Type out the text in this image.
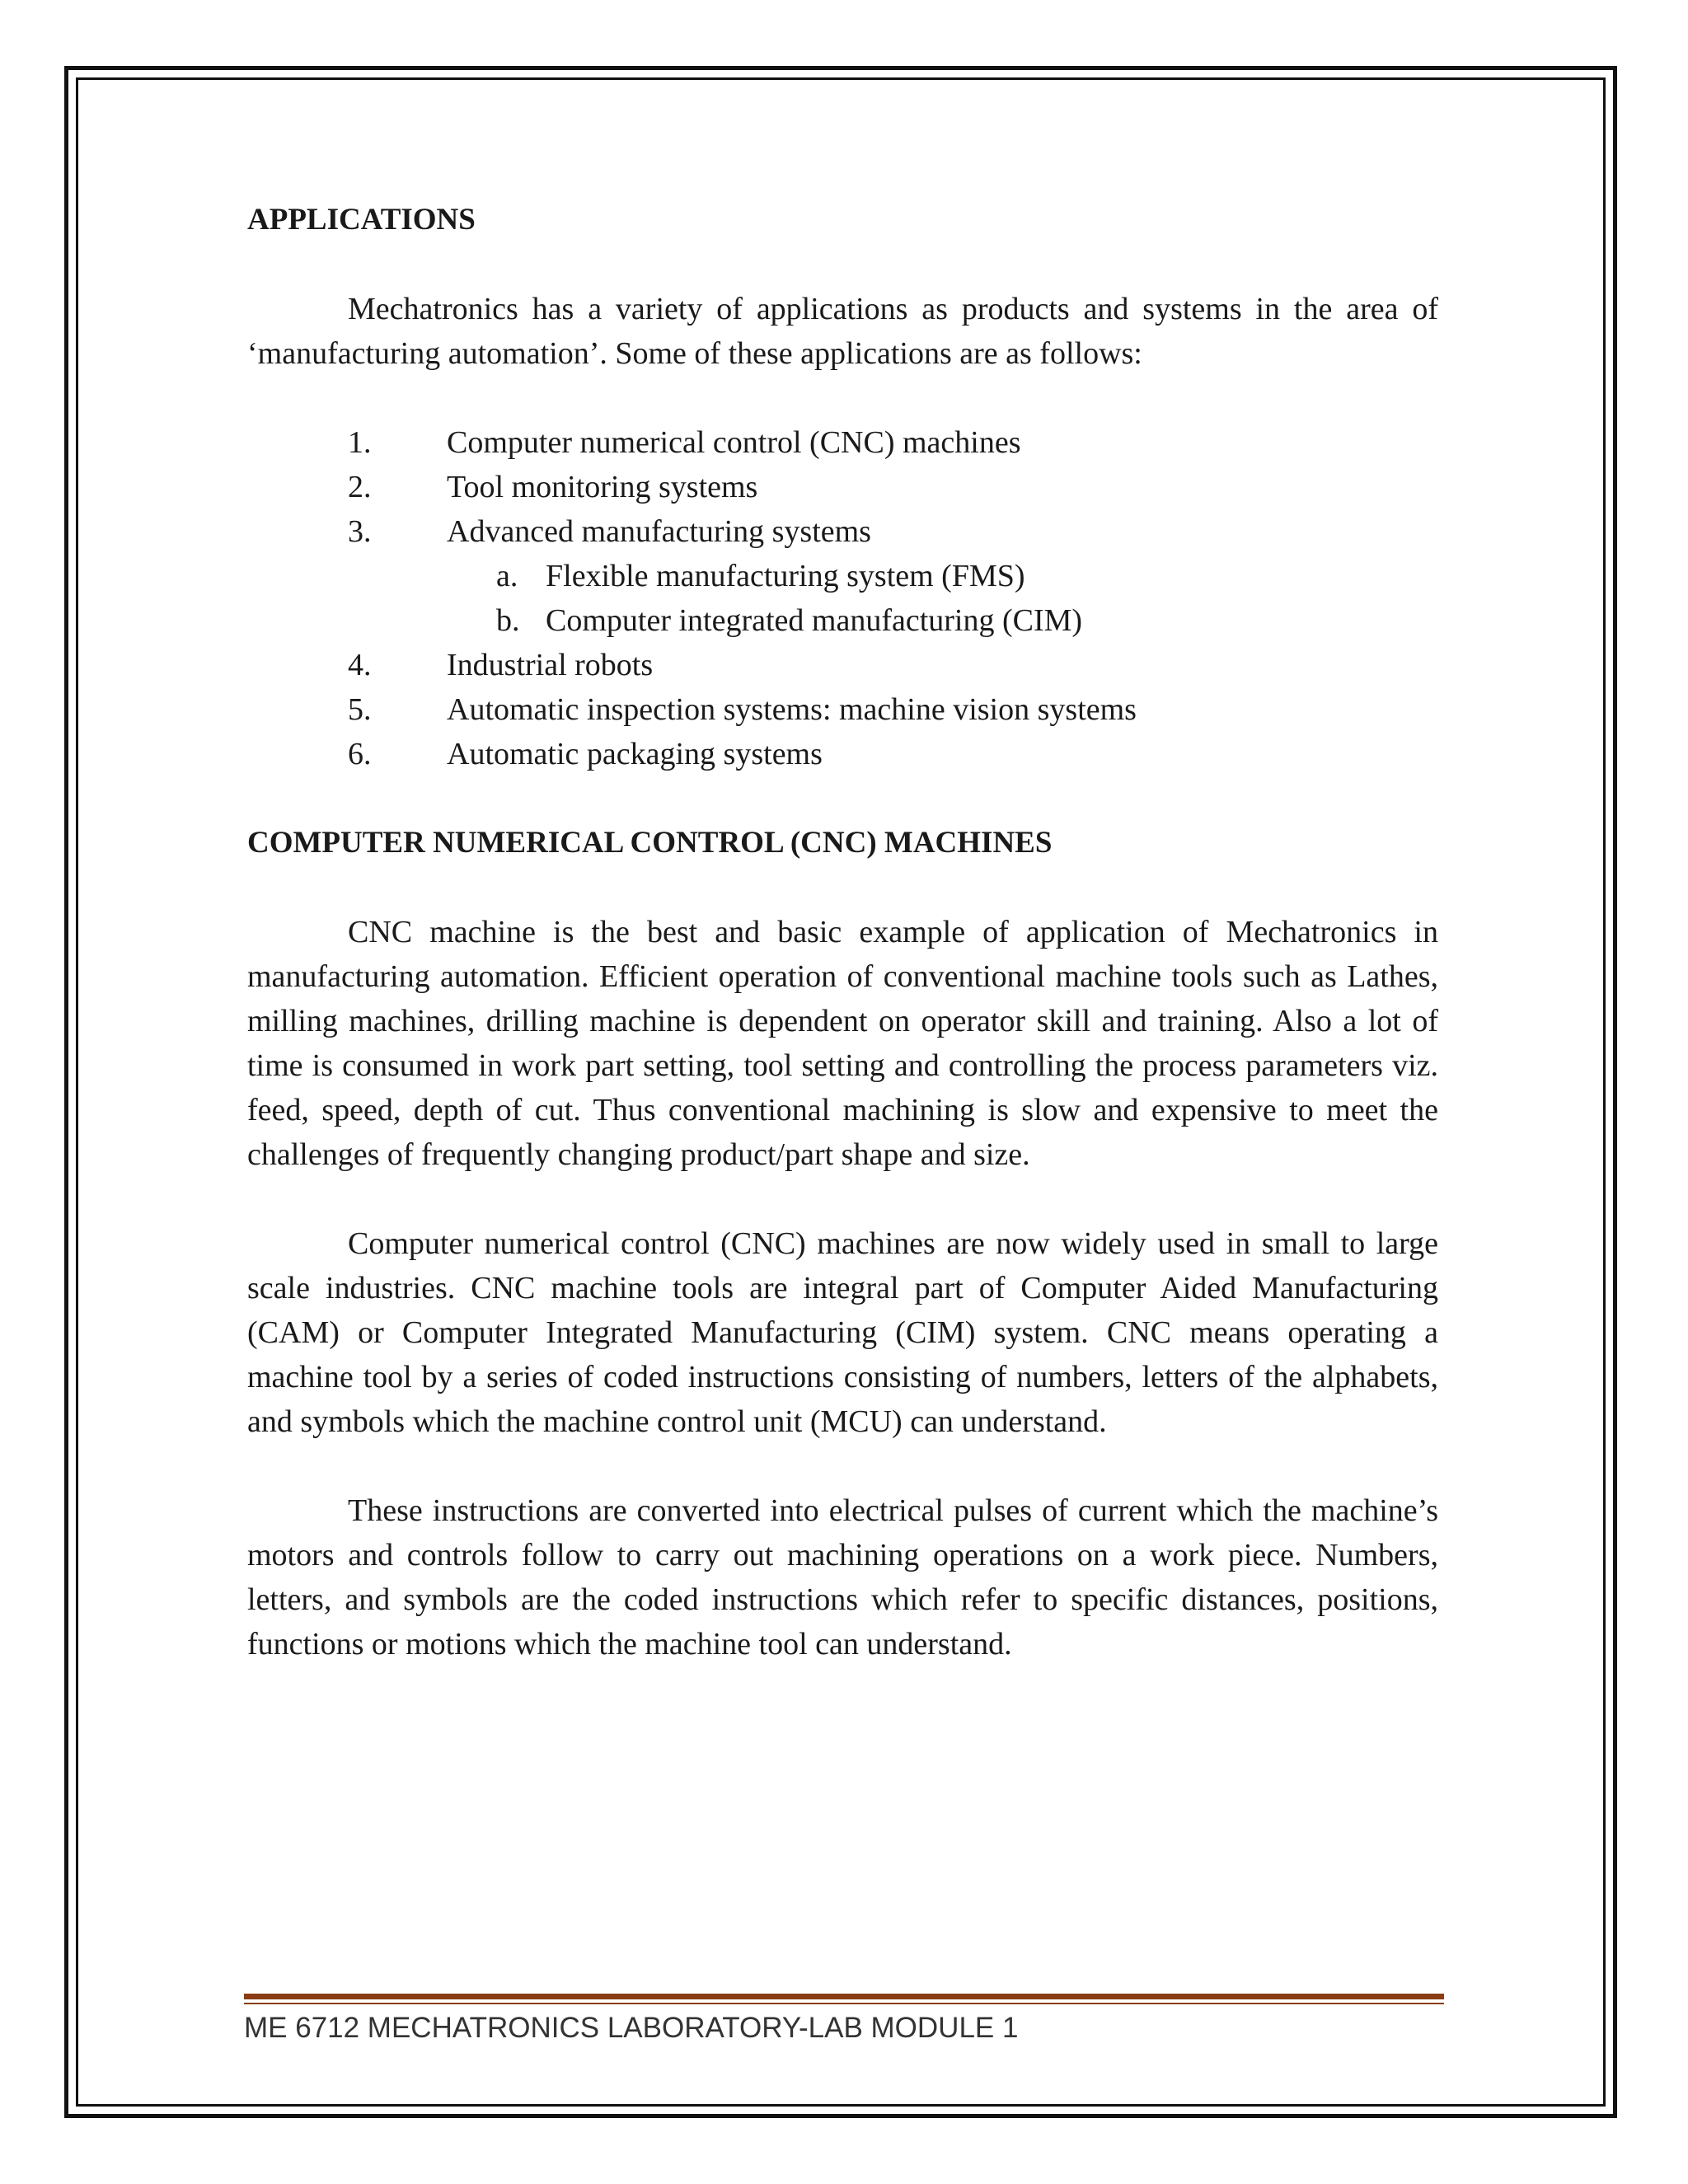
APPLICATIONS

Mechatronics has a variety of applications as products and systems in the area of ‘manufacturing automation’. Some of these applications are as follows:

1. Computer numerical control (CNC) machines
2. Tool monitoring systems
3. Advanced manufacturing systems
a. Flexible manufacturing system (FMS)
b. Computer integrated manufacturing (CIM)
4. Industrial robots
5. Automatic inspection systems: machine vision systems
6. Automatic packaging systems
COMPUTER NUMERICAL CONTROL (CNC) MACHINES

CNC machine is the best and basic example of application of Mechatronics in manufacturing automation. Efficient operation of conventional machine tools such as Lathes, milling machines, drilling machine is dependent on operator skill and training. Also a lot of time is consumed in work part setting, tool setting and controlling the process parameters viz. feed, speed, depth of cut. Thus conventional machining is slow and expensive to meet the challenges of frequently changing product/part shape and size.

Computer numerical control (CNC) machines are now widely used in small to large scale industries. CNC machine tools are integral part of Computer Aided Manufacturing (CAM) or Computer Integrated Manufacturing (CIM) system. CNC means operating a machine tool by a series of coded instructions consisting of numbers, letters of the alphabets, and symbols which the machine control unit (MCU) can understand.

These instructions are converted into electrical pulses of current which the machine’s motors and controls follow to carry out machining operations on a work piece. Numbers, letters, and symbols are the coded instructions which refer to specific distances, positions, functions or motions which the machine tool can understand.

ME 6712 MECHATRONICS LABORATORY-LAB MODULE 1
